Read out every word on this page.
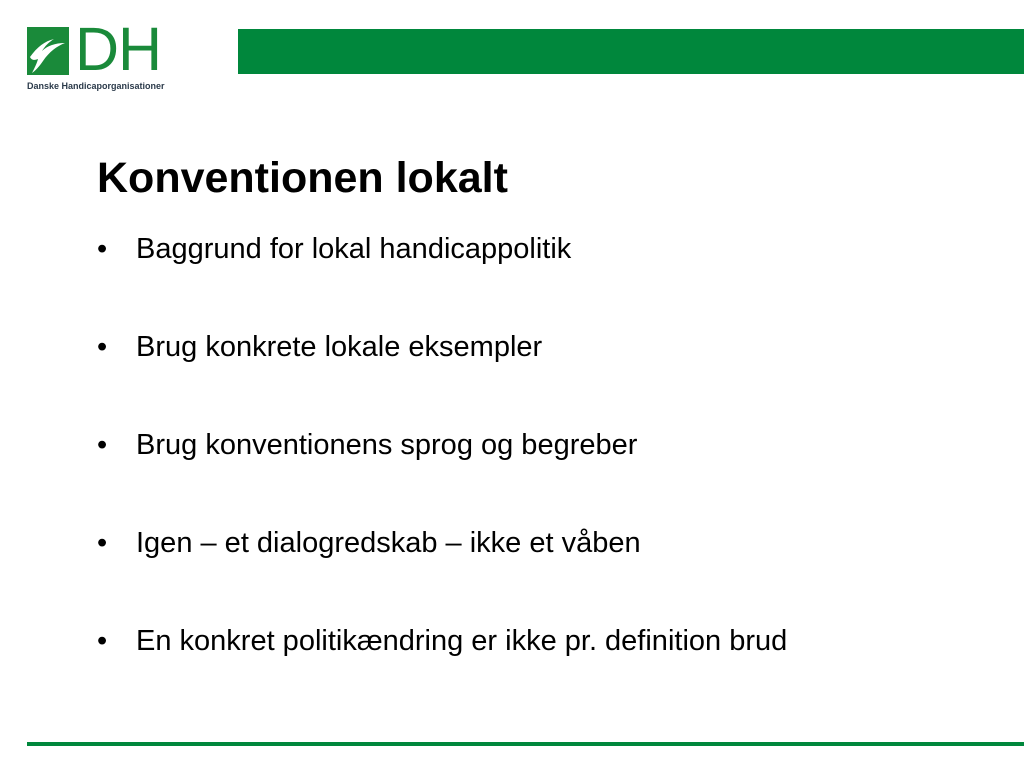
DH
Danske Handicaporganisationer
Konventionen lokalt
• Baggrund for lokal handicappolitik
• Brug konkrete lokale eksempler
• Brug konventionens sprog og begreber
• Igen – et dialogredskab – ikke et våben
• En konkret politikændring er ikke pr. definition brud
